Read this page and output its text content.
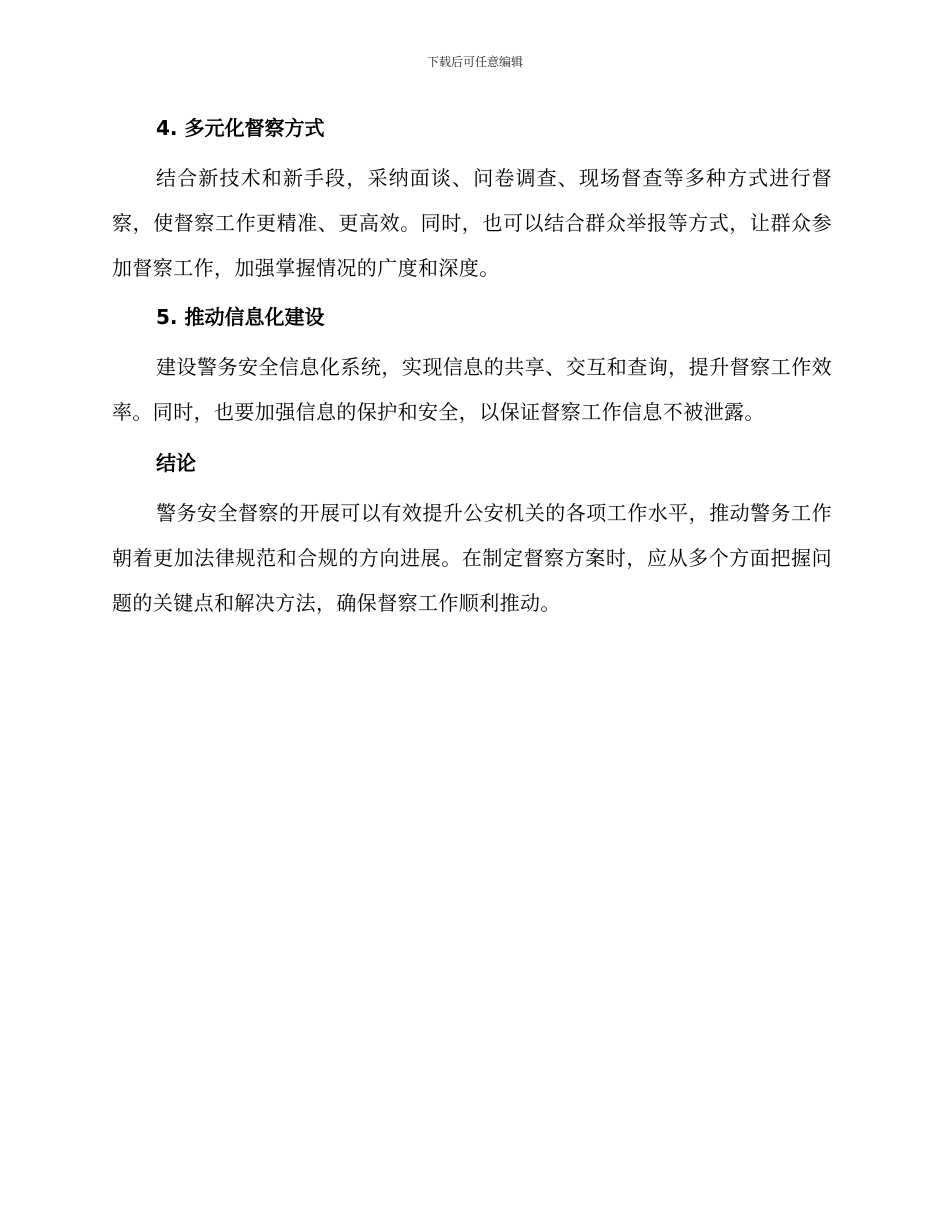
下载后可任意编辑
4. 多元化督察方式

结合新技术和新手段，采纳面谈、问卷调查、现场督查等多种方式进行督察，使督察工作更精准、更高效。同时，也可以结合群众举报等方式，让群众参加督察工作，加强掌握情况的广度和深度。

5. 推动信息化建设

建设警务安全信息化系统，实现信息的共享、交互和查询，提升督察工作效率。同时，也要加强信息的保护和安全，以保证督察工作信息不被泄露。

结论

警务安全督察的开展可以有效提升公安机关的各项工作水平，推动警务工作朝着更加法律规范和合规的方向进展。在制定督察方案时，应从多个方面把握问题的关键点和解决方法，确保督察工作顺利推动。
